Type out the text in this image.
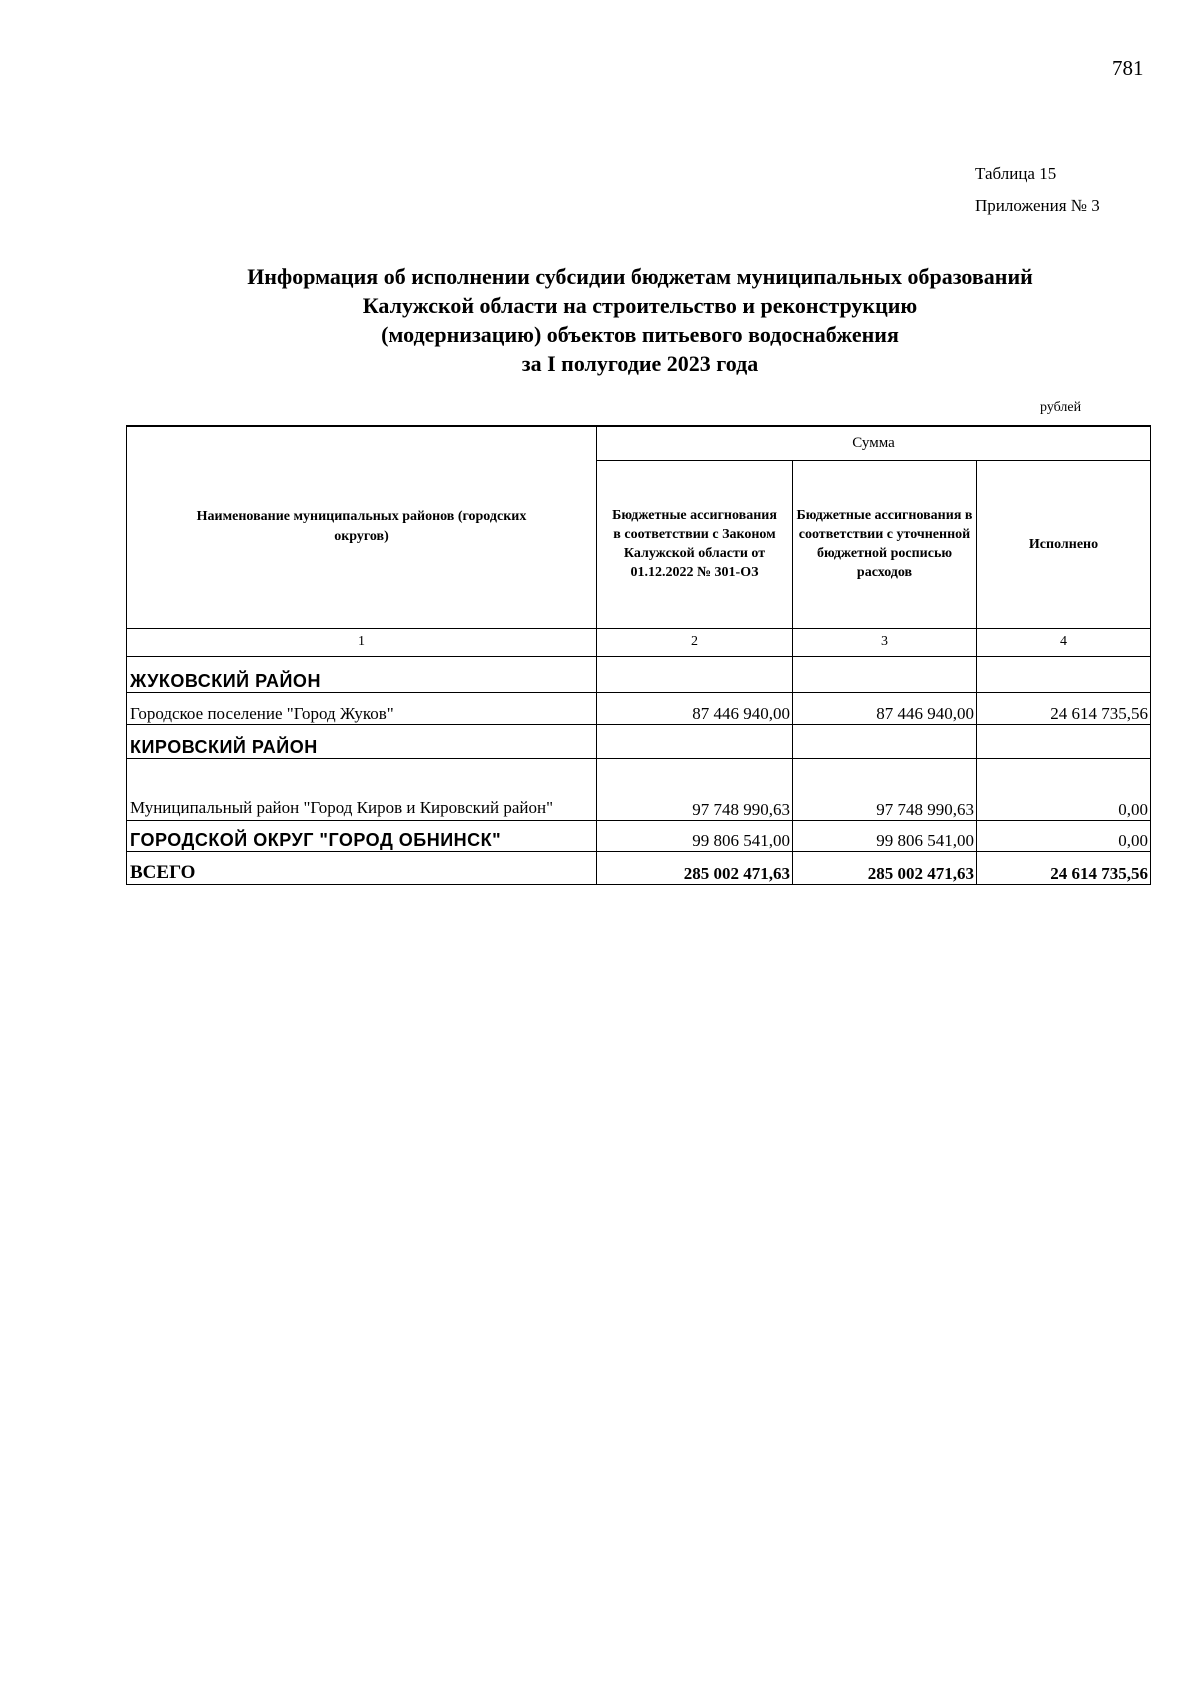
781
Таблица 15
Приложения № 3
Информация об исполнении субсидии бюджетам муниципальных образований
Калужской области на строительство и реконструкцию
(модернизацию) объектов питьевого водоснабжения
за I полугодие 2023 года
рублей
Наименование муниципальных районов (городских округов)	Сумма		

	Бюджетные ассигнования в соответствии с Законом Калужской области от 01.12.2022 № 301-ОЗ	Бюджетные ассигнования в соответствии с уточненной бюджетной росписью расходов	Исполнено
1	2	3	4
ЖУКОВСКИЙ РАЙОН			
Городское поселение "Город Жуков"	87 446 940,00	87 446 940,00	24 614 735,56
КИРОВСКИЙ РАЙОН			

Муниципальный район "Город Киров и Кировский район"	97 748 990,63	97 748 990,63	0,00
ГОРОДСКОЙ ОКРУГ "ГОРОД ОБНИНСК"	99 806 541,00	99 806 541,00	0,00
ВСЕГО	285 002 471,63	285 002 471,63	24 614 735,56
